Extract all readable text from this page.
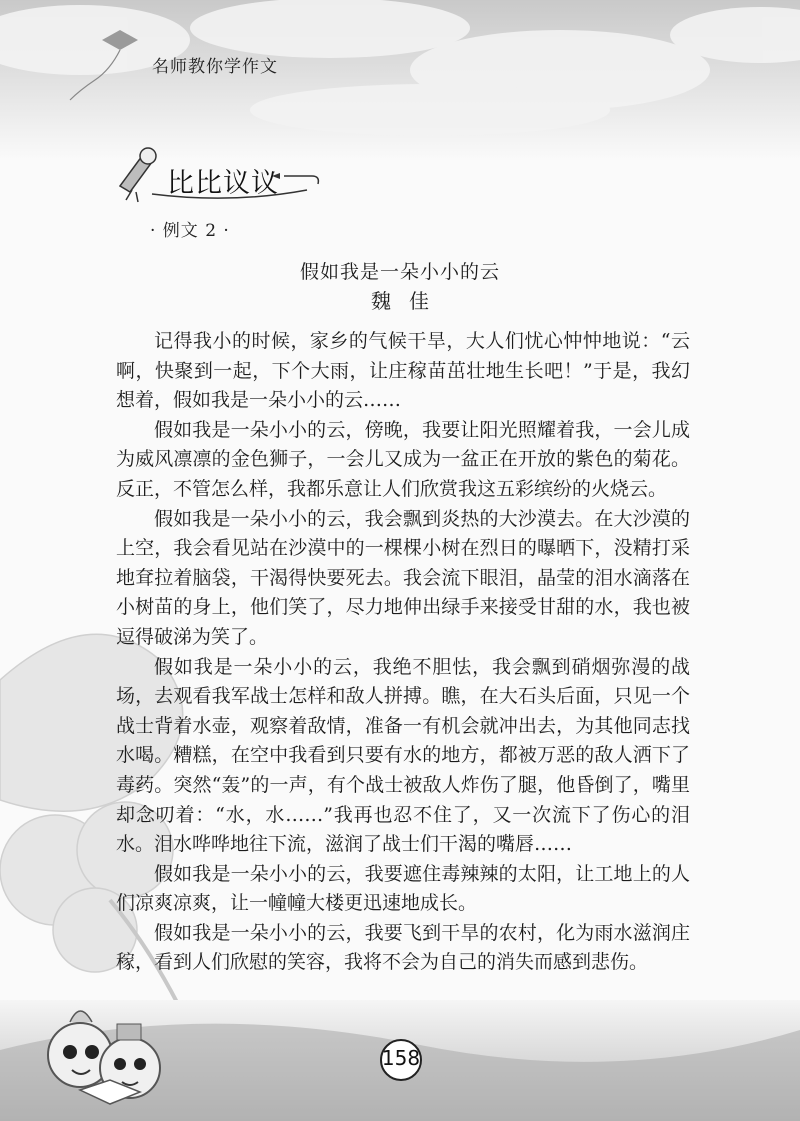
名师教你学作文
比比议议
· 例文 2 ·
假如我是一朵小小的云
魏佳

记得我小的时候，家乡的气候干旱，大人们忧心忡忡地说：“云啊，快聚到一起，下个大雨，让庄稼苗茁壮地生长吧！”于是，我幻想着，假如我是一朵小小的云……

假如我是一朵小小的云，傍晚，我要让阳光照耀着我，一会儿成为威风凛凛的金色狮子，一会儿又成为一盆正在开放的紫色的菊花。反正，不管怎么样，我都乐意让人们欣赏我这五彩缤纷的火烧云。

假如我是一朵小小的云，我会飘到炎热的大沙漠去。在大沙漠的上空，我会看见站在沙漠中的一棵棵小树在烈日的曝晒下，没精打采地耷拉着脑袋，干渴得快要死去。我会流下眼泪，晶莹的泪水滴落在小树苗的身上，他们笑了，尽力地伸出绿手来接受甘甜的水，我也被逗得破涕为笑了。

假如我是一朵小小的云，我绝不胆怯，我会飘到硝烟弥漫的战场，去观看我军战士怎样和敌人拼搏。瞧，在大石头后面，只见一个战士背着水壶，观察着敌情，准备一有机会就冲出去，为其他同志找水喝。糟糕，在空中我看到只要有水的地方，都被万恶的敌人洒下了毒药。突然“轰”的一声，有个战士被敌人炸伤了腿，他昏倒了，嘴里却念叨着：“水，水……”我再也忍不住了，又一次流下了伤心的泪水。泪水哗哗地往下流，滋润了战士们干渴的嘴唇……

假如我是一朵小小的云，我要遮住毒辣辣的太阳，让工地上的人们凉爽凉爽，让一幢幢大楼更迅速地成长。

假如我是一朵小小的云，我要飞到干旱的农村，化为雨水滋润庄稼，看到人们欣慰的笑容，我将不会为自己的消失而感到悲伤。

158
